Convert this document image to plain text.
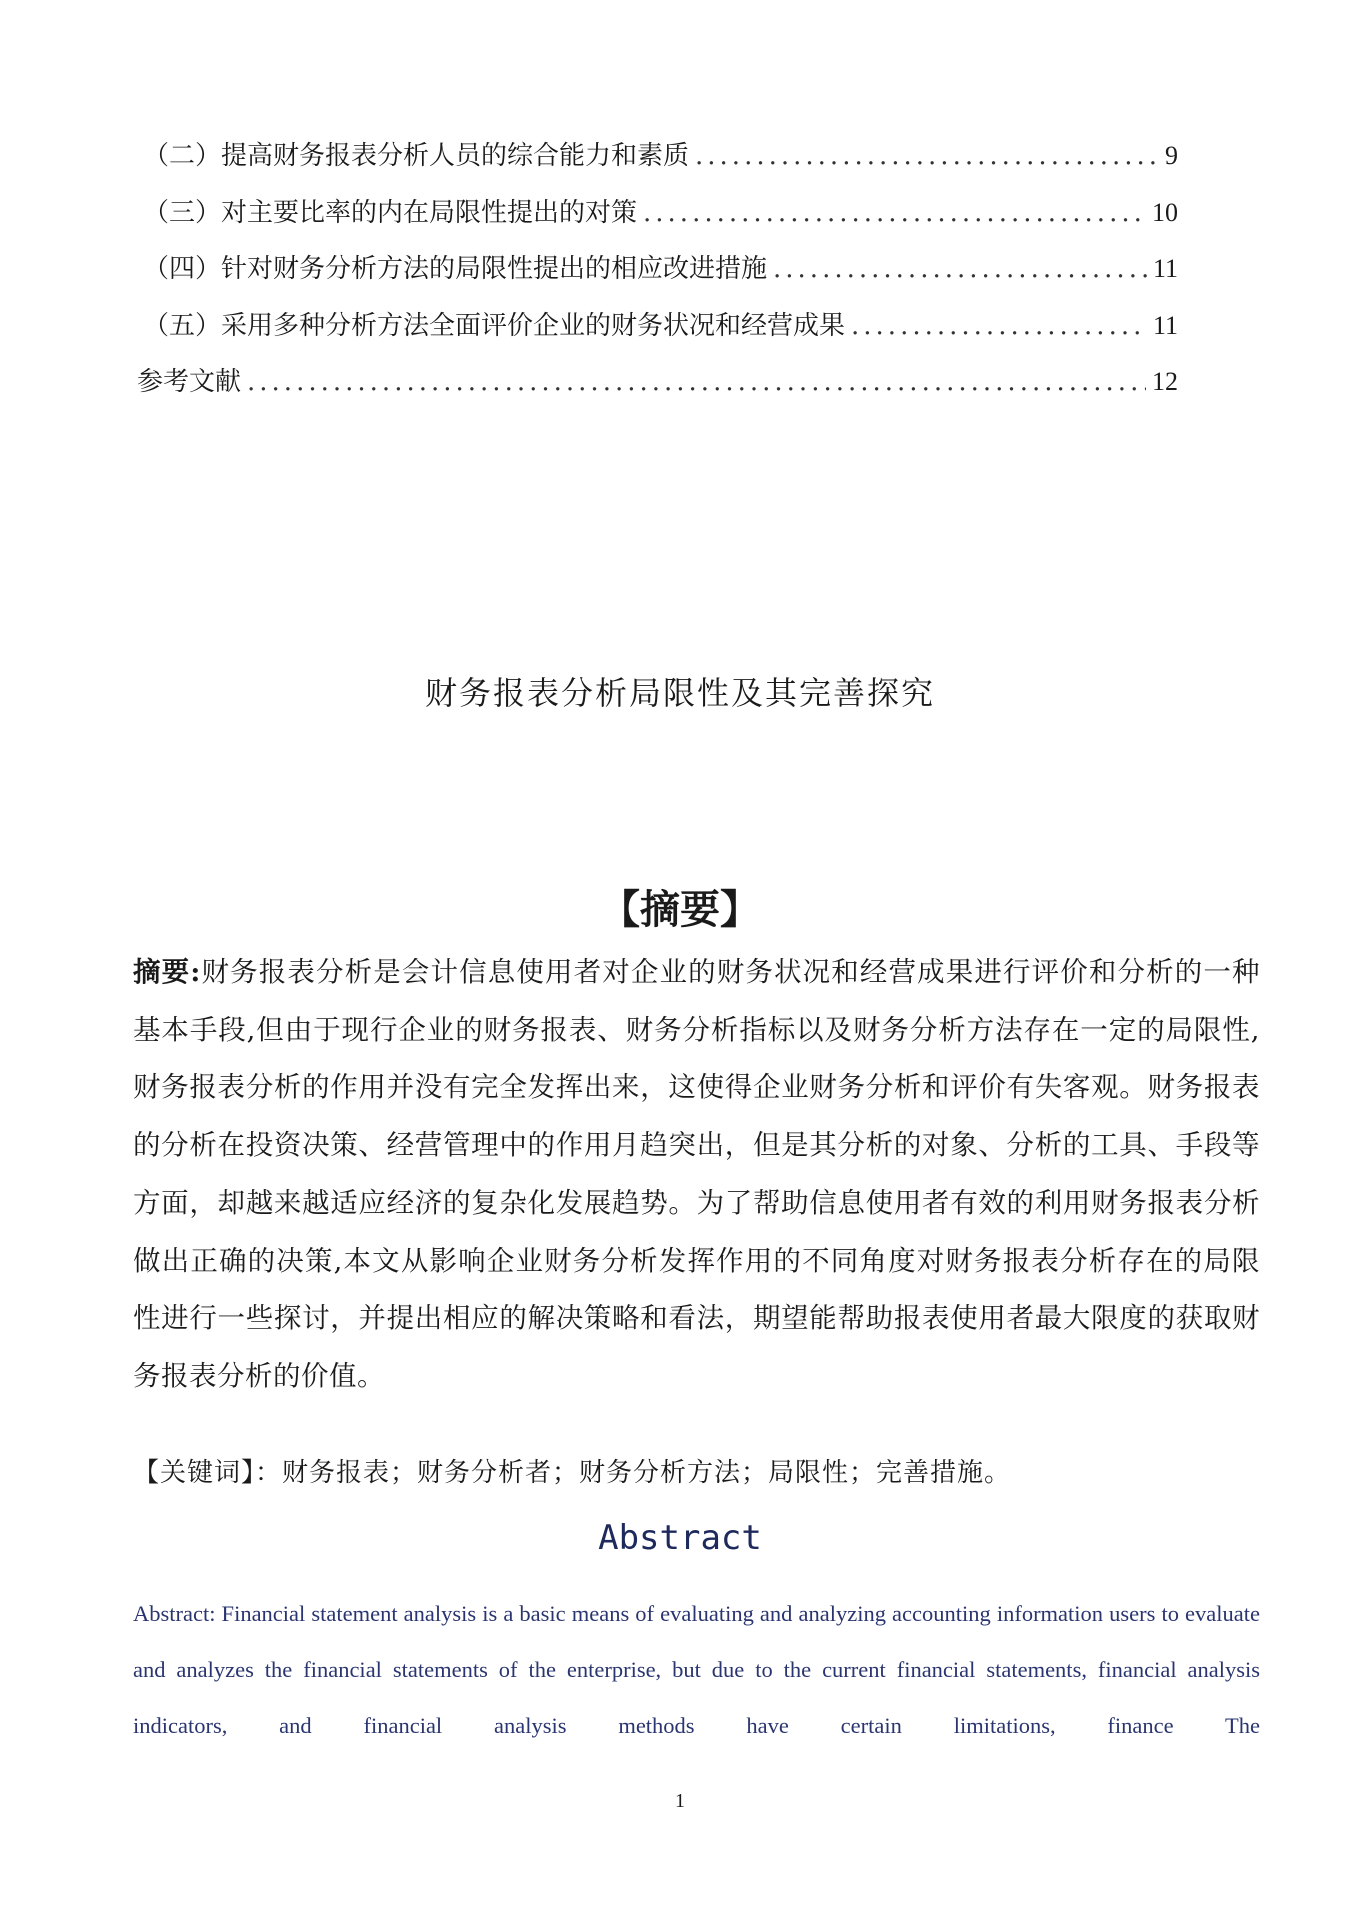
（二）提高财务报表分析人员的综合能力和素质 .....	9
（三）对主要比率的内在局限性提出的对策 .....	10
（四）针对财务分析方法的局限性提出的相应改进措施 .....	11
（五）采用多种分析方法全面评价企业的财务状况和经营成果 .....	11
参考文献 .....	12
财务报表分析局限性及其完善探究
【摘要】
摘要:财务报表分析是会计信息使用者对企业的财务状况和经营成果进行评价和分析的一种基本手段,但由于现行企业的财务报表、财务分析指标以及财务分析方法存在一定的局限性,财务报表分析的作用并没有完全发挥出来，这使得企业财务分析和评价有失客观。财务报表的分析在投资决策、经营管理中的作用月趋突出，但是其分析的对象、分析的工具、手段等方面，却越来越适应经济的复杂化发展趋势。为了帮助信息使用者有效的利用财务报表分析做出正确的决策,本文从影响企业财务分析发挥作用的不同角度对财务报表分析存在的局限性进行一些探讨，并提出相应的解决策略和看法，期望能帮助报表使用者最大限度的获取财务报表分析的价值。
【关键词】：财务报表；财务分析者；财务分析方法；局限性；完善措施。
Abstract
Abstract: Financial statement analysis is a basic means of evaluating and analyzing accounting information users to evaluate and analyzes the financial statements of the enterprise, but due to the current financial statements, financial analysis indicators, and financial analysis methods have certain limitations, finance The
1
